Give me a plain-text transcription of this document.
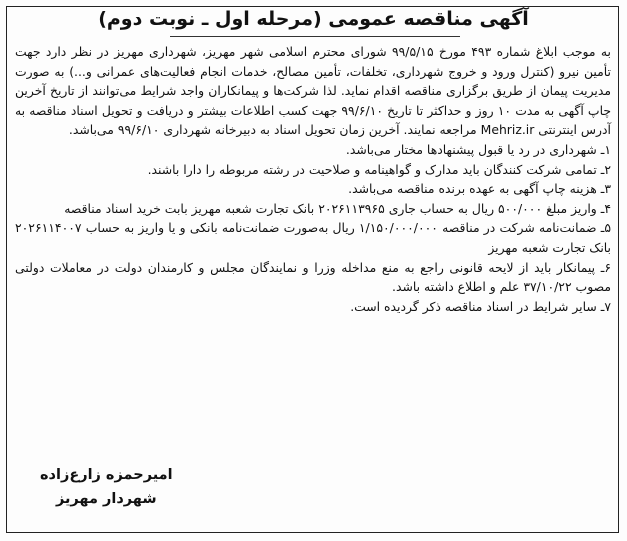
آگهی مناقصه عمومی (مرحله اول ـ نوبت دوم)

به موجب ابلاغ شماره ۴۹۳ مورخ ۹۹/۵/۱۵ شورای محترم اسلامی شهر مهریز، شهرداری مهریز در نظر دارد جهت تأمین نیرو (کنترل ورود و خروج شهرداری، تخلفات، تأمین مصالح، خدمات انجام فعالیت‌های عمرانی و...) به صورت مدیریت پیمان از طریق برگزاری مناقصه اقدام نماید. لذا شرکت‌ها و پیمانکاران واجد شرایط می‌توانند از تاریخ آخرین چاپ آگهی به مدت ۱۰ روز و حداکثر تا تاریخ ۹۹/۶/۱۰ جهت کسب اطلاعات بیشتر و دریافت و تحویل اسناد مناقصه به آدرس اینترنتی Mehriz.ir مراجعه نمایند. آخرین زمان تحویل اسناد به دبیرخانه شهرداری ۹۹/۶/۱۰ می‌باشد.

۱ـ شهرداری در رد یا قبول پیشنهادها مختار می‌باشد.

۲ـ تمامی شرکت کنندگان باید مدارک و گواهینامه و صلاحیت در رشته مربوطه را دارا باشند.

۳ـ هزینه چاپ آگهی به عهده برنده مناقصه می‌باشد.

۴ـ واریز مبلغ ۵۰۰/۰۰۰ ریال به حساب جاری ۲۰۲۶۱۱۳۹۶۵ بانک تجارت شعبه مهریز بابت خرید اسناد مناقصه

۵ـ ضمانت‌نامه شرکت در مناقصه ۱/۱۵۰/۰۰۰/۰۰۰ ریال به‌صورت ضمانت‌نامه بانکی و یا واریز به حساب ۲۰۲۶۱۱۴۰۰۷ بانک تجارت شعبه مهریز

۶ـ پیمانکار باید از لایحه قانونی راجع به منع مداخله وزرا و نمایندگان مجلس و کارمندان دولت در معاملات دولتی مصوب ۳۷/۱۰/۲۲ علم و اطلاع داشته باشد.

۷ـ سایر شرایط در اسناد مناقصه ذکر گردیده است.

امیرحمزه زارع‌زاده
شهردار مهریز
